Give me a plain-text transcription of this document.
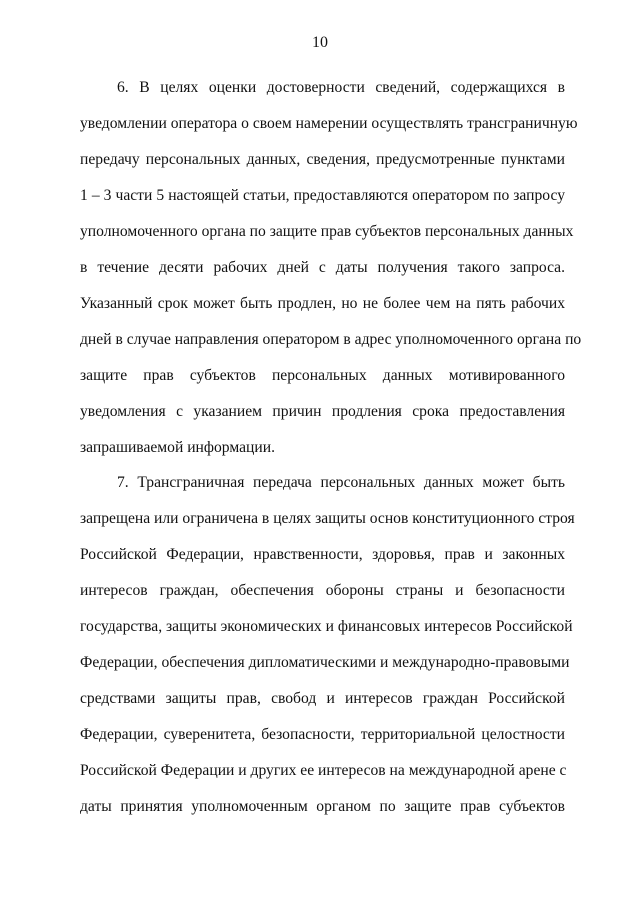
10
6. В целях оценки достоверности сведений, содержащихся в
уведомлении оператора о своем намерении осуществлять трансграничную
передачу персональных данных, сведения, предусмотренные пунктами
1 – 3 части 5 настоящей статьи, предоставляются оператором по запросу
уполномоченного органа по защите прав субъектов персональных данных
в течение десяти рабочих дней с даты получения такого запроса.
Указанный срок может быть продлен, но не более чем на пять рабочих
дней в случае направления оператором в адрес уполномоченного органа по
защите прав субъектов персональных данных мотивированного
уведомления с указанием причин продления срока предоставления
запрашиваемой информации.
7. Трансграничная передача персональных данных может быть
запрещена или ограничена в целях защиты основ конституционного строя
Российской Федерации, нравственности, здоровья, прав и законных
интересов граждан, обеспечения обороны страны и безопасности
государства, защиты экономических и финансовых интересов Российской
Федерации, обеспечения дипломатическими и международно-правовыми
средствами защиты прав, свобод и интересов граждан Российской
Федерации, суверенитета, безопасности, территориальной целостности
Российской Федерации и других ее интересов на международной арене с
даты принятия уполномоченным органом по защите прав субъектов
